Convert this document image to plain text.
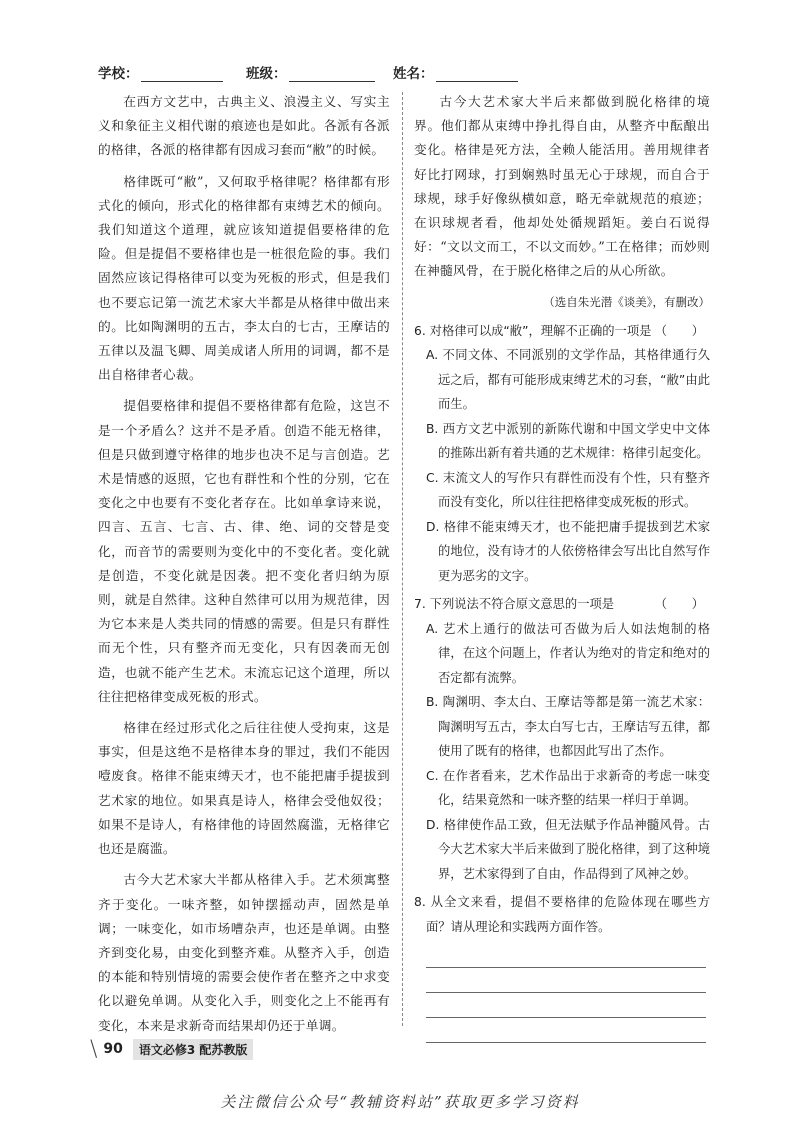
学校：	班级：	姓名：

在西方文艺中，古典主义、浪漫主义、写实主义和象征主义相代谢的痕迹也是如此。各派有各派的格律，各派的格律都有因成习套而“敝”的时候。

格律既可“敝”，又何取乎格律呢？格律都有形式化的倾向，形式化的格律都有束缚艺术的倾向。我们知道这个道理，就应该知道提倡要格律的危险。但是提倡不要格律也是一桩很危险的事。我们固然应该记得格律可以变为死板的形式，但是我们也不要忘记第一流艺术家大半都是从格律中做出来的。比如陶渊明的五古，李太白的七古，王摩诘的五律以及温飞卿、周美成诸人所用的词调，都不是出自格律者心裁。

提倡要格律和提倡不要格律都有危险，这岂不是一个矛盾么？这并不是矛盾。创造不能无格律，但是只做到遵守格律的地步也决不足与言创造。艺术是情感的返照，它也有群性和个性的分别，它在变化之中也要有不变化者存在。比如单拿诗来说，四言、五言、七言、古、律、绝、词的交替是变化，而音节的需要则为变化中的不变化者。变化就是创造，不变化就是因袭。把不变化者归纳为原则，就是自然律。这种自然律可以用为规范律，因为它本来是人类共同的情感的需要。但是只有群性而无个性，只有整齐而无变化，只有因袭而无创造，也就不能产生艺术。末流忘记这个道理，所以往往把格律变成死板的形式。

格律在经过形式化之后往往使人受拘束，这是事实，但是这绝不是格律本身的罪过，我们不能因噎废食。格律不能束缚天才，也不能把庸手提拔到艺术家的地位。如果真是诗人，格律会受他奴役；如果不是诗人，有格律他的诗固然腐滥，无格律它也还是腐滥。

古今大艺术家大半都从格律入手。艺术须寓整齐于变化。一味齐整，如钟摆摇动声，固然是单调；一味变化，如市场嘈杂声，也还是单调。由整齐到变化易，由变化到整齐难。从整齐入手，创造的本能和特别情境的需要会使作者在整齐之中求变化以避免单调。从变化入手，则变化之上不能再有变化，本来是求新奇而结果却仍还于单调。

古今大艺术家大半后来都做到脱化格律的境界。他们都从束缚中挣扎得自由，从整齐中酝酿出变化。格律是死方法，全赖人能活用。善用规律者好比打网球，打到娴熟时虽无心于球规，而自合于球规，球手好像纵横如意，略无牵就规范的痕迹；在识球规者看，他却处处循规蹈矩。姜白石说得好：“文以文而工，不以文而妙。”工在格律；而妙则在神髓风骨，在于脱化格律之后的从心所欲。

（选自朱光潜《谈美》，有删改）
6. 对格律可以成“敝”，理解不正确的一项是 （　　）
A. 不同文体、不同派别的文学作品，其格律通行久远之后，都有可能形成束缚艺术的习套，“敝”由此而生。
B. 西方文艺中派别的新陈代谢和中国文学史中文体的推陈出新有着共通的艺术规律：格律引起变化。
C. 末流文人的写作只有群性而没有个性，只有整齐而没有变化，所以往往把格律变成死板的形式。
D. 格律不能束缚天才，也不能把庸手提拔到艺术家的地位，没有诗才的人依傍格律会写出比自然写作更为恶劣的文字。
7. 下列说法不符合原文意思的一项是	（　　）
A. 艺术上通行的做法可否做为后人如法炮制的格律，在这个问题上，作者认为绝对的肯定和绝对的否定都有流弊。
B. 陶渊明、李太白、王摩诘等都是第一流艺术家：陶渊明写五古，李太白写七古，王摩诘写五律，都使用了既有的格律，也都因此写出了杰作。
C. 在作者看来，艺术作品出于求新奇的考虑一味变化，结果竟然和一味齐整的结果一样归于单调。
D. 格律使作品工致，但无法赋予作品神髓风骨。古今大艺术家大半后来做到了脱化格律，到了这种境界，艺术家得到了自由，作品得到了风神之妙。
8. 从全文来看，提倡不要格律的危险体现在哪些方面？请从理论和实践两方面作答。
\ 90	语文必修3 配苏教版
关注微信公众号“教辅资料站”获取更多学习资料
